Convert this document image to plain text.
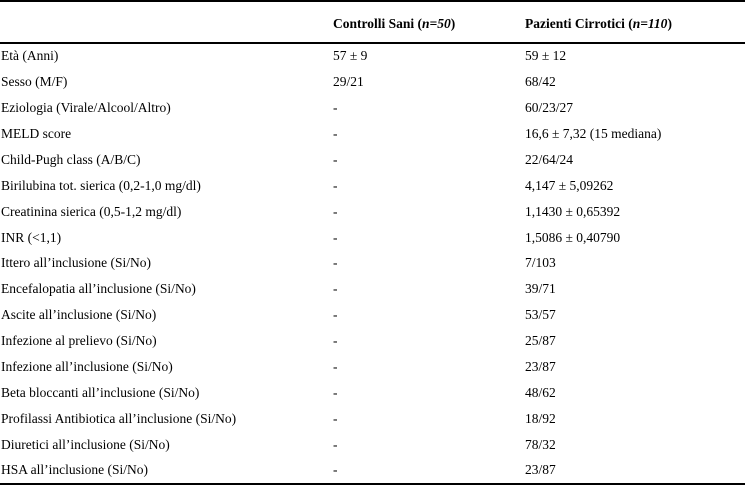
	Controlli Sani (n=50)	Pazienti Cirrotici (n=110)
Età (Anni)	57 ± 9	59 ± 12
Sesso (M/F)	29/21	68/42
Eziologia (Virale/Alcool/Altro)	-	60/23/27
MELD score	-	16,6 ± 7,32 (15 mediana)
Child-Pugh class (A/B/C)	-	22/64/24
Birilubina tot. sierica (0,2-1,0 mg/dl)	-	4,147 ± 5,09262
Creatinina sierica (0,5-1,2 mg/dl)	-	1,1430 ± 0,65392
INR (<1,1)	-	1,5086 ± 0,40790
Ittero all’inclusione (Si/No)	-	7/103
Encefalopatia all’inclusione (Si/No)	-	39/71
Ascite all’inclusione (Si/No)	-	53/57
Infezione al prelievo (Si/No)	-	25/87
Infezione all’inclusione (Si/No)	-	23/87
Beta bloccanti all’inclusione (Si/No)	-	48/62
Profilassi Antibiotica all’inclusione (Si/No)	-	18/92
Diuretici all’inclusione (Si/No)	-	78/32
HSA all’inclusione (Si/No)	-	23/87
